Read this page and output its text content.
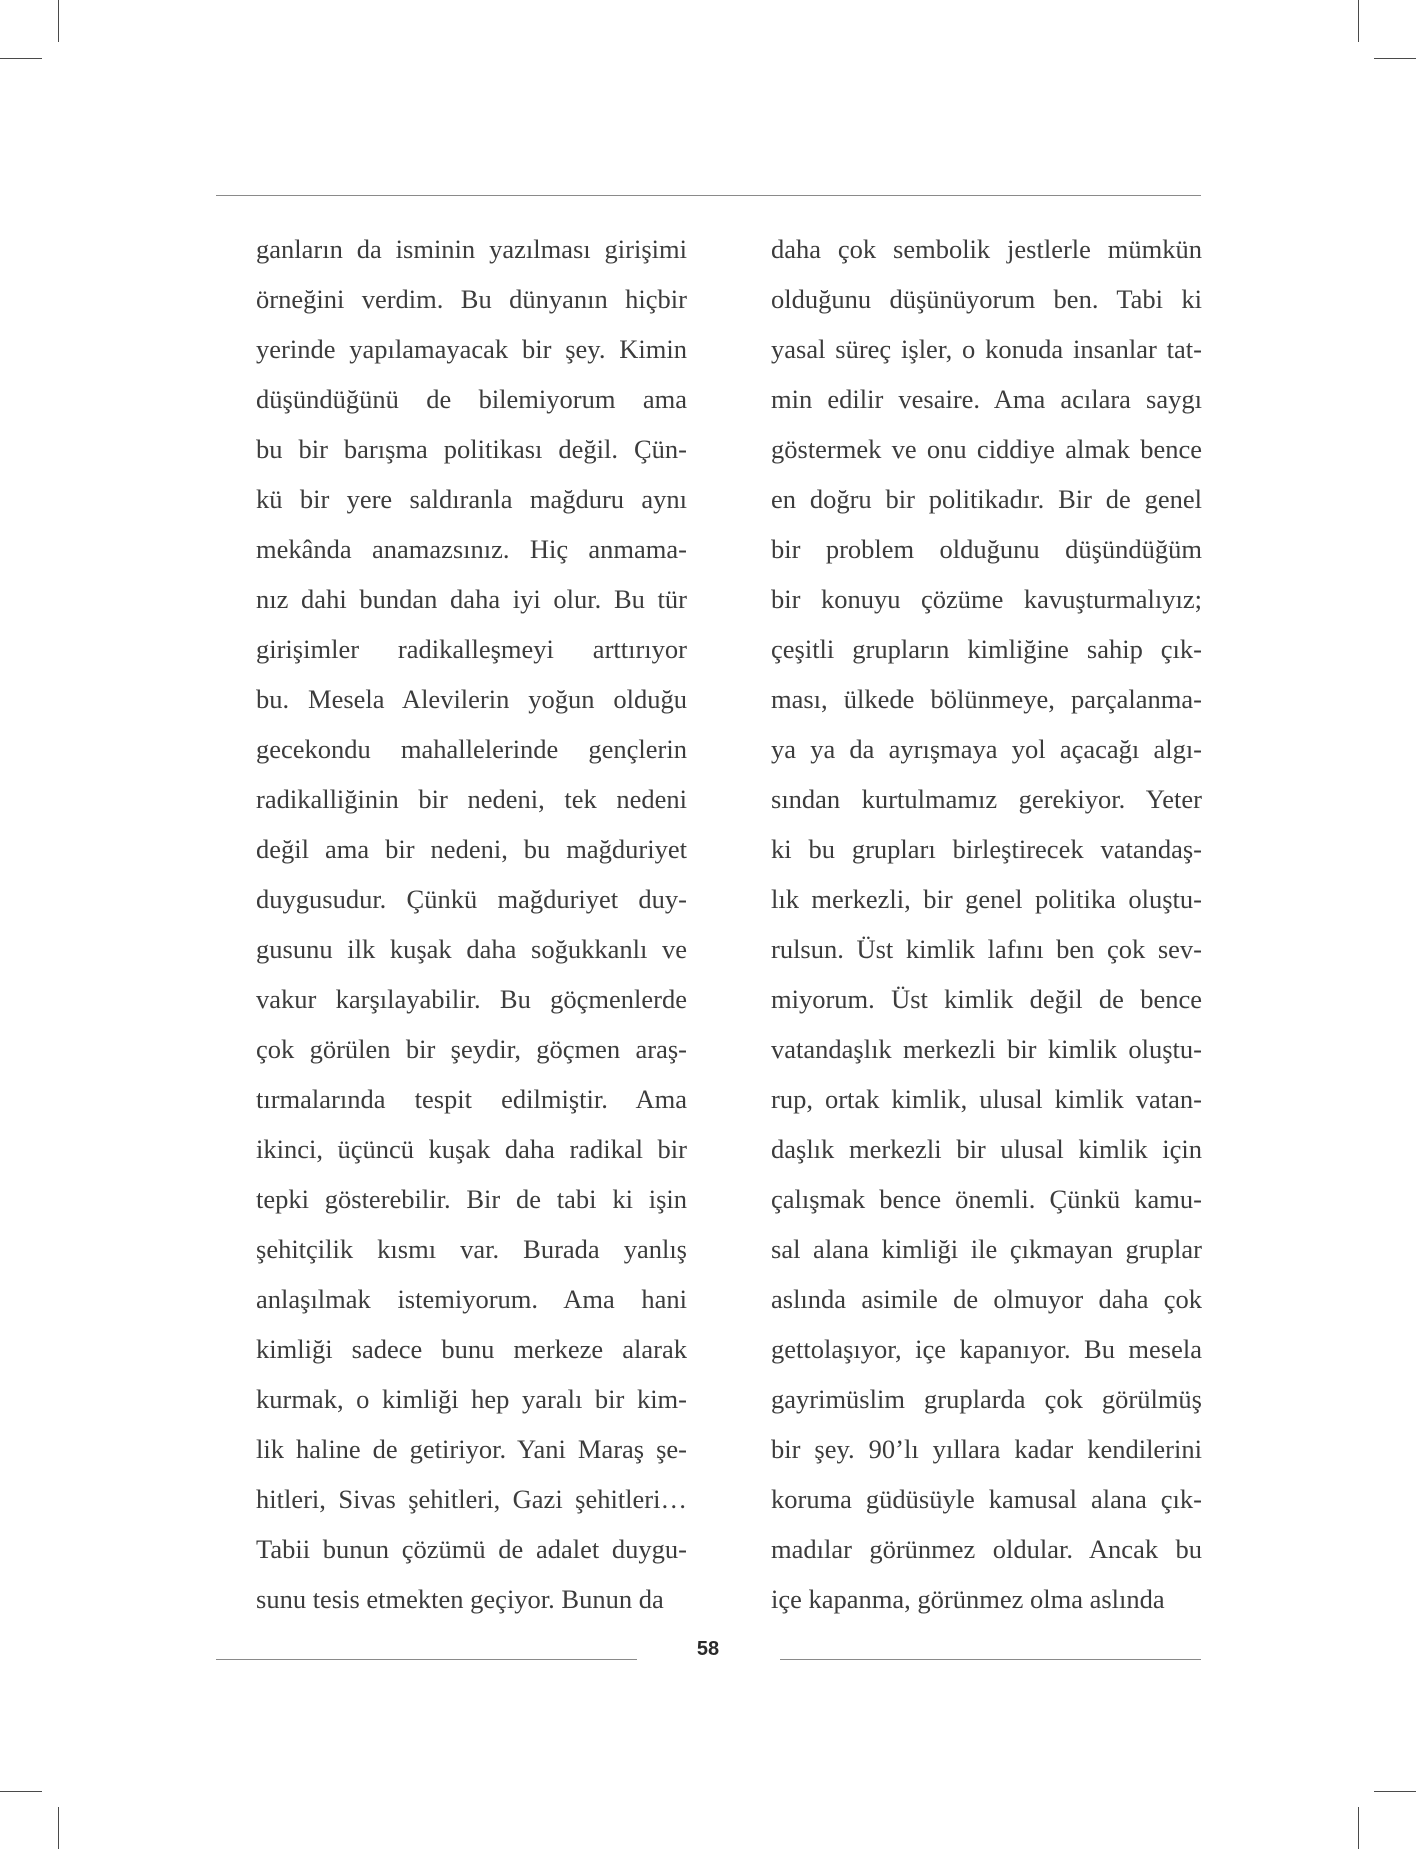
ganların da isminin yazılması girişimi
örneğini verdim. Bu dünyanın hiçbir
yerinde yapılamayacak bir şey. Kimin
düşündüğünü de bilemiyorum ama
bu bir barışma politikası değil. Çün-
kü bir yere saldıranla mağduru aynı
mekânda anamazsınız. Hiç anmama-
nız dahi bundan daha iyi olur. Bu tür
girişimler radikalleşmeyi arttırıyor
bu. Mesela Alevilerin yoğun olduğu
gecekondu mahallelerinde gençlerin
radikalliğinin bir nedeni, tek nedeni
değil ama bir nedeni, bu mağduriyet
duygusudur. Çünkü mağduriyet duy-
gusunu ilk kuşak daha soğukkanlı ve
vakur karşılayabilir. Bu göçmenlerde
çok görülen bir şeydir, göçmen araş-
tırmalarında tespit edilmiştir. Ama
ikinci, üçüncü kuşak daha radikal bir
tepki gösterebilir. Bir de tabi ki işin
şehitçilik kısmı var. Burada yanlış
anlaşılmak istemiyorum. Ama hani
kimliği sadece bunu merkeze alarak
kurmak, o kimliği hep yaralı bir kim-
lik haline de getiriyor. Yani Maraş şe-
hitleri, Sivas şehitleri, Gazi şehitleri…
Tabii bunun çözümü de adalet duygu-
sunu tesis etmekten geçiyor. Bunun da
daha çok sembolik jestlerle mümkün
olduğunu düşünüyorum ben. Tabi ki
yasal süreç işler, o konuda insanlar tat-
min edilir vesaire. Ama acılara saygı
göstermek ve onu ciddiye almak bence
en doğru bir politikadır. Bir de genel
bir problem olduğunu düşündüğüm
bir konuyu çözüme kavuşturmalıyız;
çeşitli grupların kimliğine sahip çık-
ması, ülkede bölünmeye, parçalanma-
ya ya da ayrışmaya yol açacağı algı-
sından kurtulmamız gerekiyor. Yeter
ki bu grupları birleştirecek vatandaş-
lık merkezli, bir genel politika oluştu-
rulsun. Üst kimlik lafını ben çok sev-
miyorum. Üst kimlik değil de bence
vatandaşlık merkezli bir kimlik oluştu-
rup, ortak kimlik, ulusal kimlik vatan-
daşlık merkezli bir ulusal kimlik için
çalışmak bence önemli. Çünkü kamu-
sal alana kimliği ile çıkmayan gruplar
aslında asimile de olmuyor daha çok
gettolaşıyor, içe kapanıyor. Bu mesela
gayrimüslim gruplarda çok görülmüş
bir şey. 90’lı yıllara kadar kendilerini
koruma güdüsüyle kamusal alana çık-
madılar görünmez oldular. Ancak bu
içe kapanma, görünmez olma aslında
58
